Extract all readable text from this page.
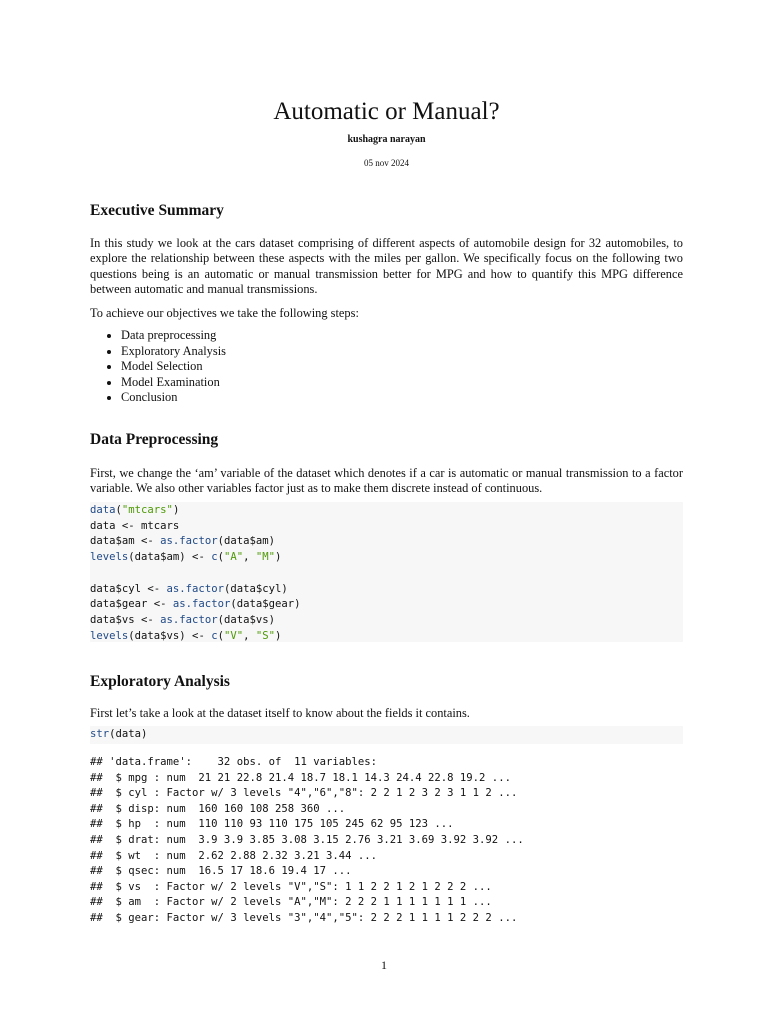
Automatic or Manual?
kushagra narayan
05 nov 2024
Executive Summary

In this study we look at the cars dataset comprising of different aspects of automobile design for 32 automobiles, to explore the relationship between these aspects with the miles per gallon. We specifically focus on the following two questions being is an automatic or manual transmission better for MPG and how to quantify this MPG difference between automatic and manual transmissions.

To achieve our objectives we take the following steps:

• Data preprocessing
• Exploratory Analysis
• Model Selection
• Model Examination
• Conclusion
Data Preprocessing

First, we change the ‘am’ variable of the dataset which denotes if a car is automatic or manual transmission to a factor variable. We also other variables factor just as to make them discrete instead of continuous.

data("mtcars")
data <- mtcars
data$am <- as.factor(data$am)
levels(data$am) <- c("A", "M")
data$cyl <- as.factor(data$cyl)
data$gear <- as.factor(data$gear)
data$vs <- as.factor(data$vs)
levels(data$vs) <- c("V", "S")
Exploratory Analysis

First let’s take a look at the dataset itself to know about the fields it contains.

str(data)
## 'data.frame':    32 obs. of  11 variables:
##  $ mpg : num  21 21 22.8 21.4 18.7 18.1 14.3 24.4 22.8 19.2 ...
##  $ cyl : Factor w/ 3 levels "4","6","8": 2 2 1 2 3 2 3 1 1 2 ...
##  $ disp: num  160 160 108 258 360 ...
##  $ hp  : num  110 110 93 110 175 105 245 62 95 123 ...
##  $ drat: num  3.9 3.9 3.85 3.08 3.15 2.76 3.21 3.69 3.92 3.92 ...
##  $ wt  : num  2.62 2.88 2.32 3.21 3.44 ...
##  $ qsec: num  16.5 17 18.6 19.4 17 ...
##  $ vs  : Factor w/ 2 levels "V","S": 1 1 2 2 1 2 1 2 2 2 ...
##  $ am  : Factor w/ 2 levels "A","M": 2 2 2 1 1 1 1 1 1 1 ...
##  $ gear: Factor w/ 3 levels "3","4","5": 2 2 2 1 1 1 1 2 2 2 ...
1
